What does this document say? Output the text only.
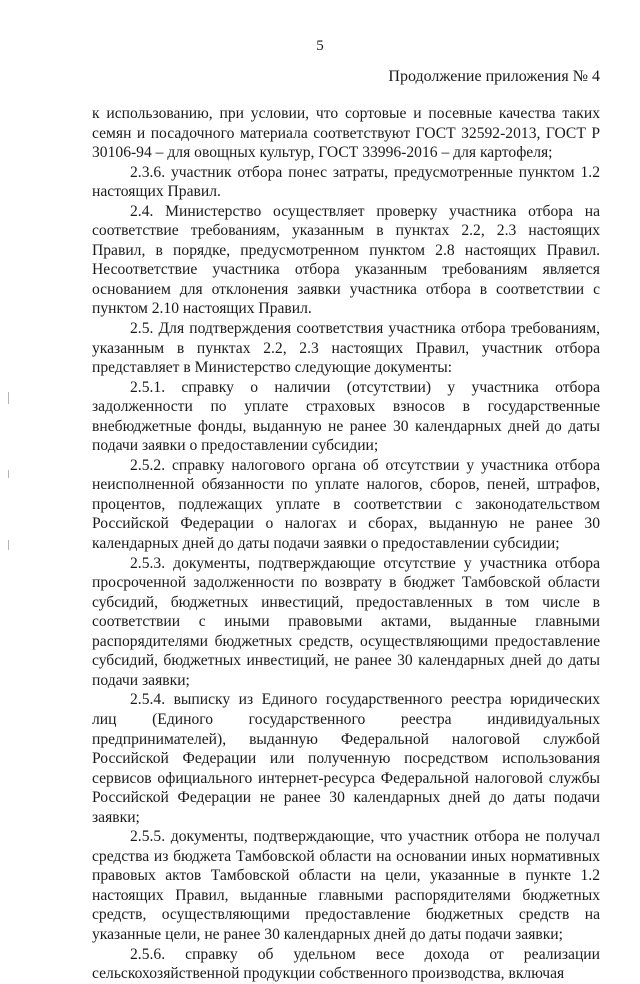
5
Продолжение приложения № 4

к использованию, при условии, что сортовые и посевные качества таких семян и посадочного материала соответствуют ГОСТ 32592-2013, ГОСТ Р 30106-94 – для овощных культур, ГОСТ 33996-2016 – для картофеля;

2.3.6. участник отбора понес затраты, предусмотренные пунктом 1.2 настоящих Правил.

2.4. Министерство осуществляет проверку участника отбора на соответствие требованиям, указанным в пунктах 2.2, 2.3 настоящих Правил, в порядке, предусмотренном пунктом 2.8 настоящих Правил. Несоответствие участника отбора указанным требованиям является основанием для отклонения заявки участника отбора в соответствии с пунктом 2.10 настоящих Правил.

2.5. Для подтверждения соответствия участника отбора требованиям, указанным в пунктах 2.2, 2.3 настоящих Правил, участник отбора представляет в Министерство следующие документы:

2.5.1. справку о наличии (отсутствии) у участника отбора задолженности по уплате страховых взносов в государственные внебюджетные фонды, выданную не ранее 30 календарных дней до даты подачи заявки о предоставлении субсидии;

2.5.2. справку налогового органа об отсутствии у участника отбора неисполненной обязанности по уплате налогов, сборов, пеней, штрафов, процентов, подлежащих уплате в соответствии с законодательством Российской Федерации о налогах и сборах, выданную не ранее 30 календарных дней до даты подачи заявки о предоставлении субсидии;

2.5.3. документы, подтверждающие отсутствие у участника отбора просроченной задолженности по возврату в бюджет Тамбовской области субсидий, бюджетных инвестиций, предоставленных в том числе в соответствии с иными правовыми актами, выданные главными распорядителями бюджетных средств, осуществляющими предоставление субсидий, бюджетных инвестиций, не ранее 30 календарных дней до даты подачи заявки;

2.5.4. выписку из Единого государственного реестра юридических лиц (Единого государственного реестра индивидуальных предпринимателей), выданную Федеральной налоговой службой Российской Федерации или полученную посредством использования сервисов официального интернет-ресурса Федеральной налоговой службы Российской Федерации не ранее 30 календарных дней до даты подачи заявки;

2.5.5. документы, подтверждающие, что участник отбора не получал средства из бюджета Тамбовской области на основании иных нормативных правовых актов Тамбовской области на цели, указанные в пункте 1.2 настоящих Правил, выданные главными распорядителями бюджетных средств, осуществляющими предоставление бюджетных средств на указанные цели, не ранее 30 календарных дней до даты подачи заявки;

2.5.6. справку об удельном весе дохода от реализации сельскохозяйственной продукции собственного производства, включая
